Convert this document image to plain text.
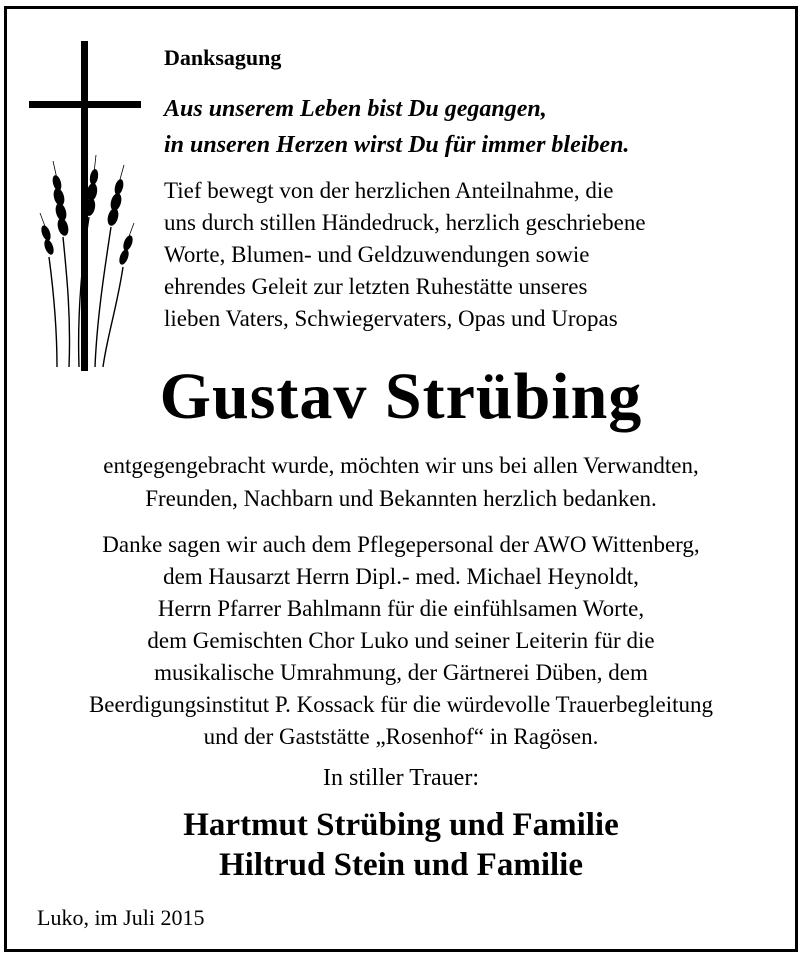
Danksagung
Aus unserem Leben bist Du gegangen,
in unseren Herzen wirst Du für immer bleiben.
Tief bewegt von der herzlichen Anteilnahme, die
uns durch stillen Händedruck, herzlich geschriebene
Worte, Blumen- und Geldzuwendungen sowie
ehrendes Geleit zur letzten Ruhestätte unseres
lieben Vaters, Schwiegervaters, Opas und Uropas
Gustav Strübing
entgegengebracht wurde, möchten wir uns bei allen Verwandten,
Freunden, Nachbarn und Bekannten herzlich bedanken.
Danke sagen wir auch dem Pflegepersonal der AWO Wittenberg,
dem Hausarzt Herrn Dipl.- med. Michael Heynoldt,
Herrn Pfarrer Bahlmann für die einfühlsamen Worte,
dem Gemischten Chor Luko und seiner Leiterin für die
musikalische Umrahmung, der Gärtnerei Düben, dem
Beerdigungsinstitut P. Kossack für die würdevolle Trauerbegleitung
und der Gaststätte „Rosenhof“ in Ragösen.
In stiller Trauer:
Hartmut Strübing und Familie
Hiltrud Stein und Familie
Luko, im Juli 2015
